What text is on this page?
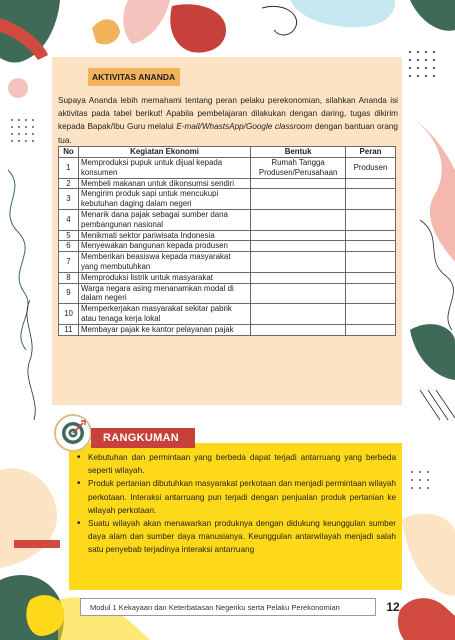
AKTIVITAS ANANDA

Supaya Ananda lebih memahami tentang peran pelaku perekonomian, silahkan Ananda isi aktivitas pada tabel berikut! Apabila pembelajaran dilakukan dengan daring, tugas dikirim kepada Bapak/Ibu Guru melalui E-mail/WhastsApp/Google classroom dengan bantuan orang tua.

No	Kegiatan Ekonomi	Bentuk	Peran
1	Memproduksi pupuk untuk dijual kepada konsumen	Rumah Tangga Produsen/Perusahaan	Produsen
2	Membeli makanan untuk dikonsumsi sendiri		
3	Mengirim produk sapi untuk mencukupi kebutuhan daging dalam negeri		
4	Menarik dana pajak sebagai sumber dana pembangunan nasional		
5	Menikmati sektor pariwisata Indonesia		
6	Menyewakan bangunan kepada produsen		
7	Memberikan beasiswa kepada masyarakat yang membutuhkan		
8	Memproduksi listrik untuk masyarakat		
9	Warga negara asing menanamkan modal di dalam negeri		
10	Memperkerjakan masyarakat sekitar pabrik atau tenaga kerja lokal		
11	Membayar pajak ke kantor pelayanan pajak		
RANGKUMAN
• Kebutuhan dan permintaan yang berbeda dapat terjadi antarruang yang berbeda seperti wilayah.
• Produk pertanian dibutuhkan masyarakat perkotaan dan menjadi permintaan wilayah perkotaan. Interaksi antarruang pun terjadi dengan penjualan produk pertanian ke wilayah perkotaan.
• Suatu wilayah akan menawarkan produknya dengan didukung keunggulan sumber daya alam dan sumber daya manusianya. Keunggulan antarwilayah menjadi salah satu penyebab terjadinya interaksi antarruang
Modul 1 Kekayaan dan Keterbatasan Negeriku serta Pelaku Perekonomian	12
